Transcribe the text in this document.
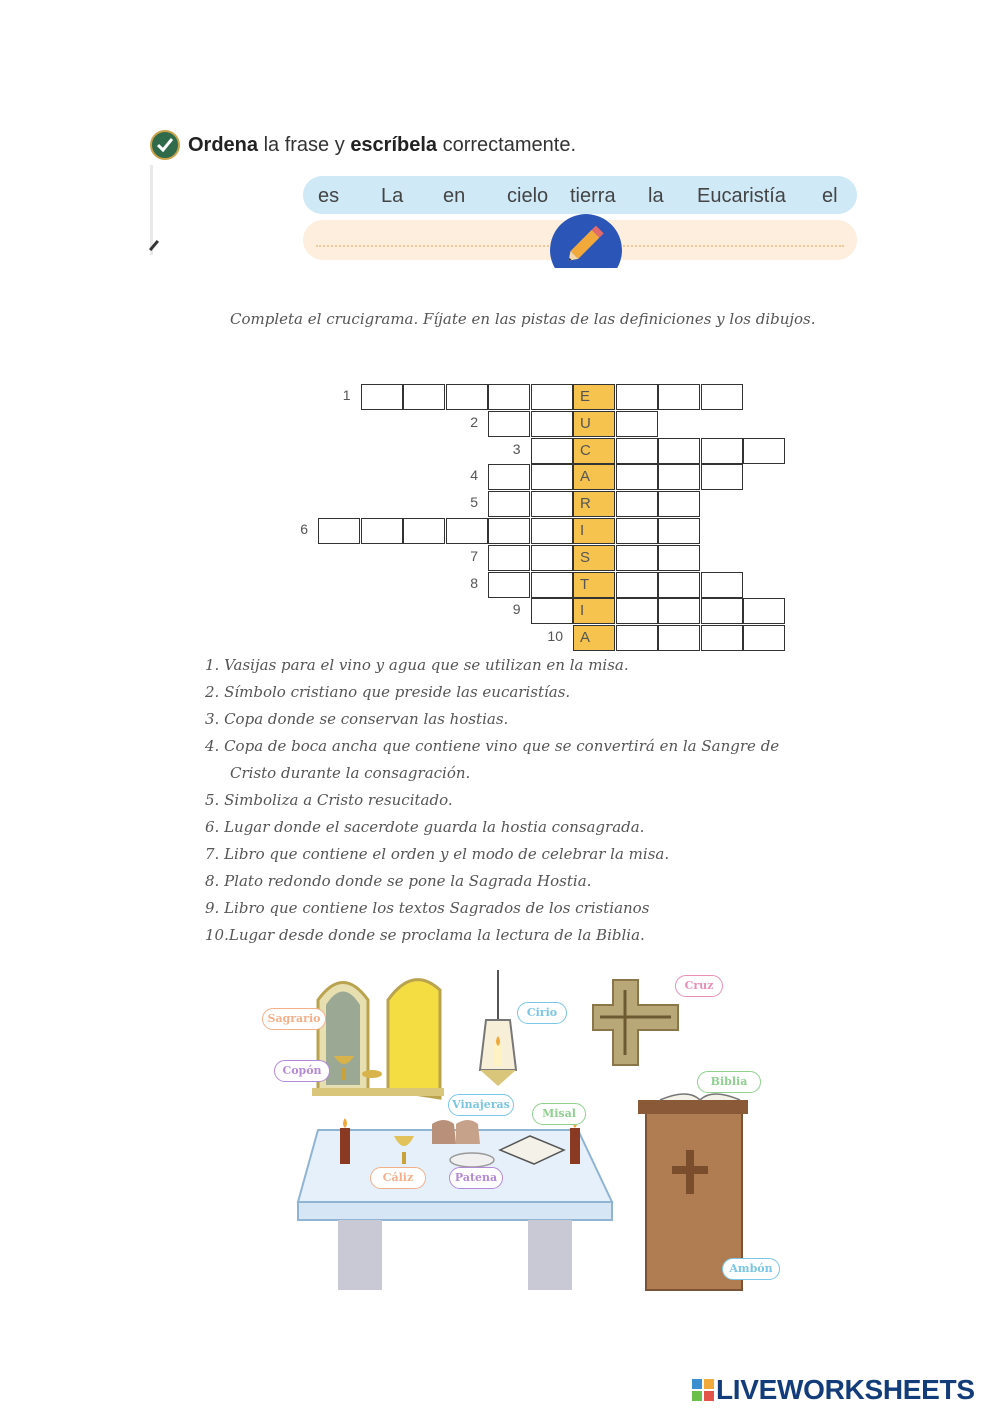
Ordena la frase y escríbela correctamente.
es La en cielo tierra la Eucaristía el
Completa el crucigrama. Fíjate en las pistas de las definiciones y los dibujos.
1	E
2	U
3	C
4	A
5	R
6	I
7	S
8	T
9	I
10 A
1. Vasijas para el vino y agua que se utilizan en la misa.
2. Símbolo cristiano que preside las eucaristías.
3. Copa donde se conservan las hostias.
4. Copa de boca ancha que contiene vino que se convertirá en la Sangre de
Cristo durante la consagración.
5. Simboliza a Cristo resucitado.
6. Lugar donde el sacerdote guarda la hostia consagrada.
7. Libro que contiene el orden y el modo de celebrar la misa.
8. Plato redondo donde se pone la Sagrada Hostia.
9. Libro que contiene los textos Sagrados de los cristianos
10.Lugar desde donde se proclama la lectura de la Biblia.
Sagrario
Copón
Cirio
Cruz
Vinajeras
Misal
Biblia
Cáliz	Patena
Ambón
LIVEWORKSHEETS
